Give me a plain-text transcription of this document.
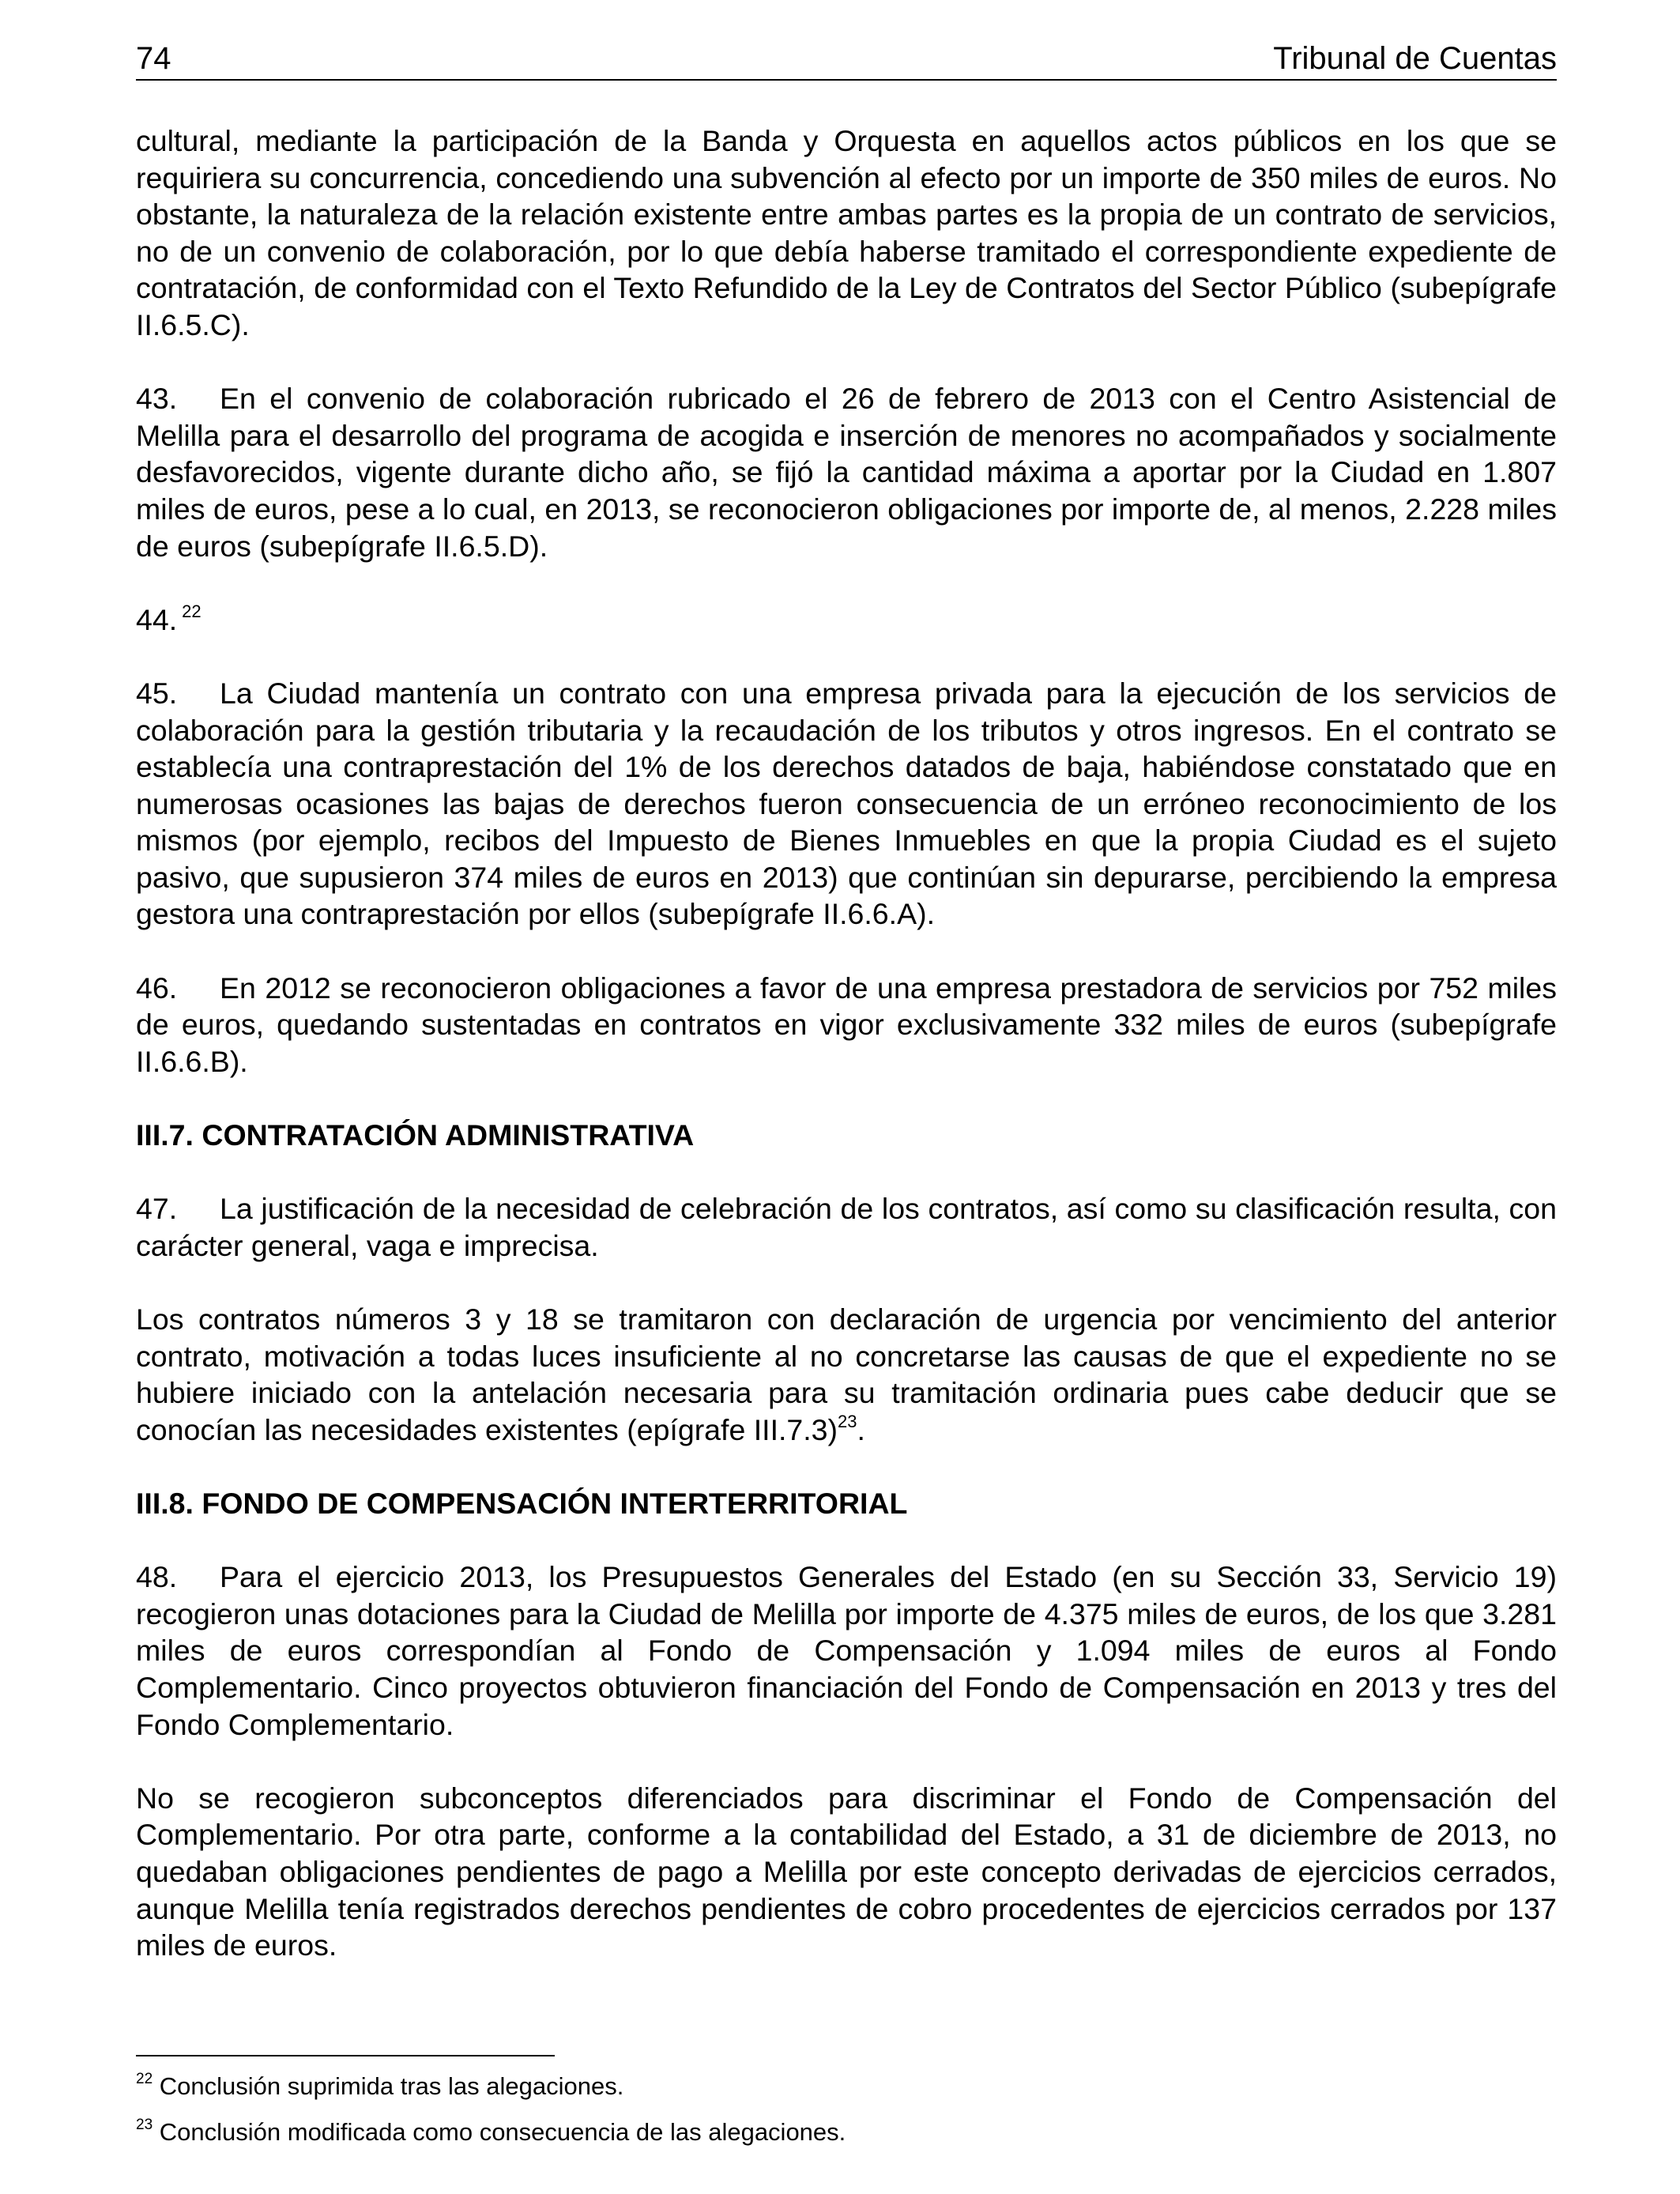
74	Tribunal de Cuentas

cultural, mediante la participación de la Banda y Orquesta en aquellos actos públicos en los que se requiriera su concurrencia, concediendo una subvención al efecto por un importe de 350 miles de euros. No obstante, la naturaleza de la relación existente entre ambas partes es la propia de un contrato de servicios, no de un convenio de colaboración, por lo que debía haberse tramitado el correspondiente expediente de contratación, de conformidad con el Texto Refundido de la Ley de Contratos del Sector Público (subepígrafe II.6.5.C).

43. En el convenio de colaboración rubricado el 26 de febrero de 2013 con el Centro Asistencial de Melilla para el desarrollo del programa de acogida e inserción de menores no acompañados y socialmente desfavorecidos, vigente durante dicho año, se fijó la cantidad máxima a aportar por la Ciudad en 1.807 miles de euros, pese a lo cual, en 2013, se reconocieron obligaciones por importe de, al menos, 2.228 miles de euros (subepígrafe II.6.5.D).

44. $^{22}$

45. La Ciudad mantenía un contrato con una empresa privada para la ejecución de los servicios de colaboración para la gestión tributaria y la recaudación de los tributos y otros ingresos. En el contrato se establecía una contraprestación del 1% de los derechos datados de baja, habiéndose constatado que en numerosas ocasiones las bajas de derechos fueron consecuencia de un erróneo reconocimiento de los mismos (por ejemplo, recibos del Impuesto de Bienes Inmuebles en que la propia Ciudad es el sujeto pasivo, que supusieron 374 miles de euros en 2013) que continúan sin depurarse, percibiendo la empresa gestora una contraprestación por ellos (subepígrafe II.6.6.A).

46. En 2012 se reconocieron obligaciones a favor de una empresa prestadora de servicios por 752 miles de euros, quedando sustentadas en contratos en vigor exclusivamente 332 miles de euros (subepígrafe II.6.6.B).

III.7. CONTRATACIÓN ADMINISTRATIVA

47. La justificación de la necesidad de celebración de los contratos, así como su clasificación resulta, con carácter general, vaga e imprecisa.

Los contratos números 3 y 18 se tramitaron con declaración de urgencia por vencimiento del anterior contrato, motivación a todas luces insuficiente al no concretarse las causas de que el expediente no se hubiere iniciado con la antelación necesaria para su tramitación ordinaria pues cabe deducir que se conocían las necesidades existentes (epígrafe III.7.3)$^{23}$.

III.8. FONDO DE COMPENSACIÓN INTERTERRITORIAL

48. Para el ejercicio 2013, los Presupuestos Generales del Estado (en su Sección 33, Servicio 19) recogieron unas dotaciones para la Ciudad de Melilla por importe de 4.375 miles de euros, de los que 3.281 miles de euros correspondían al Fondo de Compensación y 1.094 miles de euros al Fondo Complementario. Cinco proyectos obtuvieron financiación del Fondo de Compensación en 2013 y tres del Fondo Complementario.

No se recogieron subconceptos diferenciados para discriminar el Fondo de Compensación del Complementario. Por otra parte, conforme a la contabilidad del Estado, a 31 de diciembre de 2013, no quedaban obligaciones pendientes de pago a Melilla por este concepto derivadas de ejercicios cerrados, aunque Melilla tenía registrados derechos pendientes de cobro procedentes de ejercicios cerrados por 137 miles de euros.

$^{22}$ Conclusión suprimida tras las alegaciones.

$^{23}$ Conclusión modificada como consecuencia de las alegaciones.
